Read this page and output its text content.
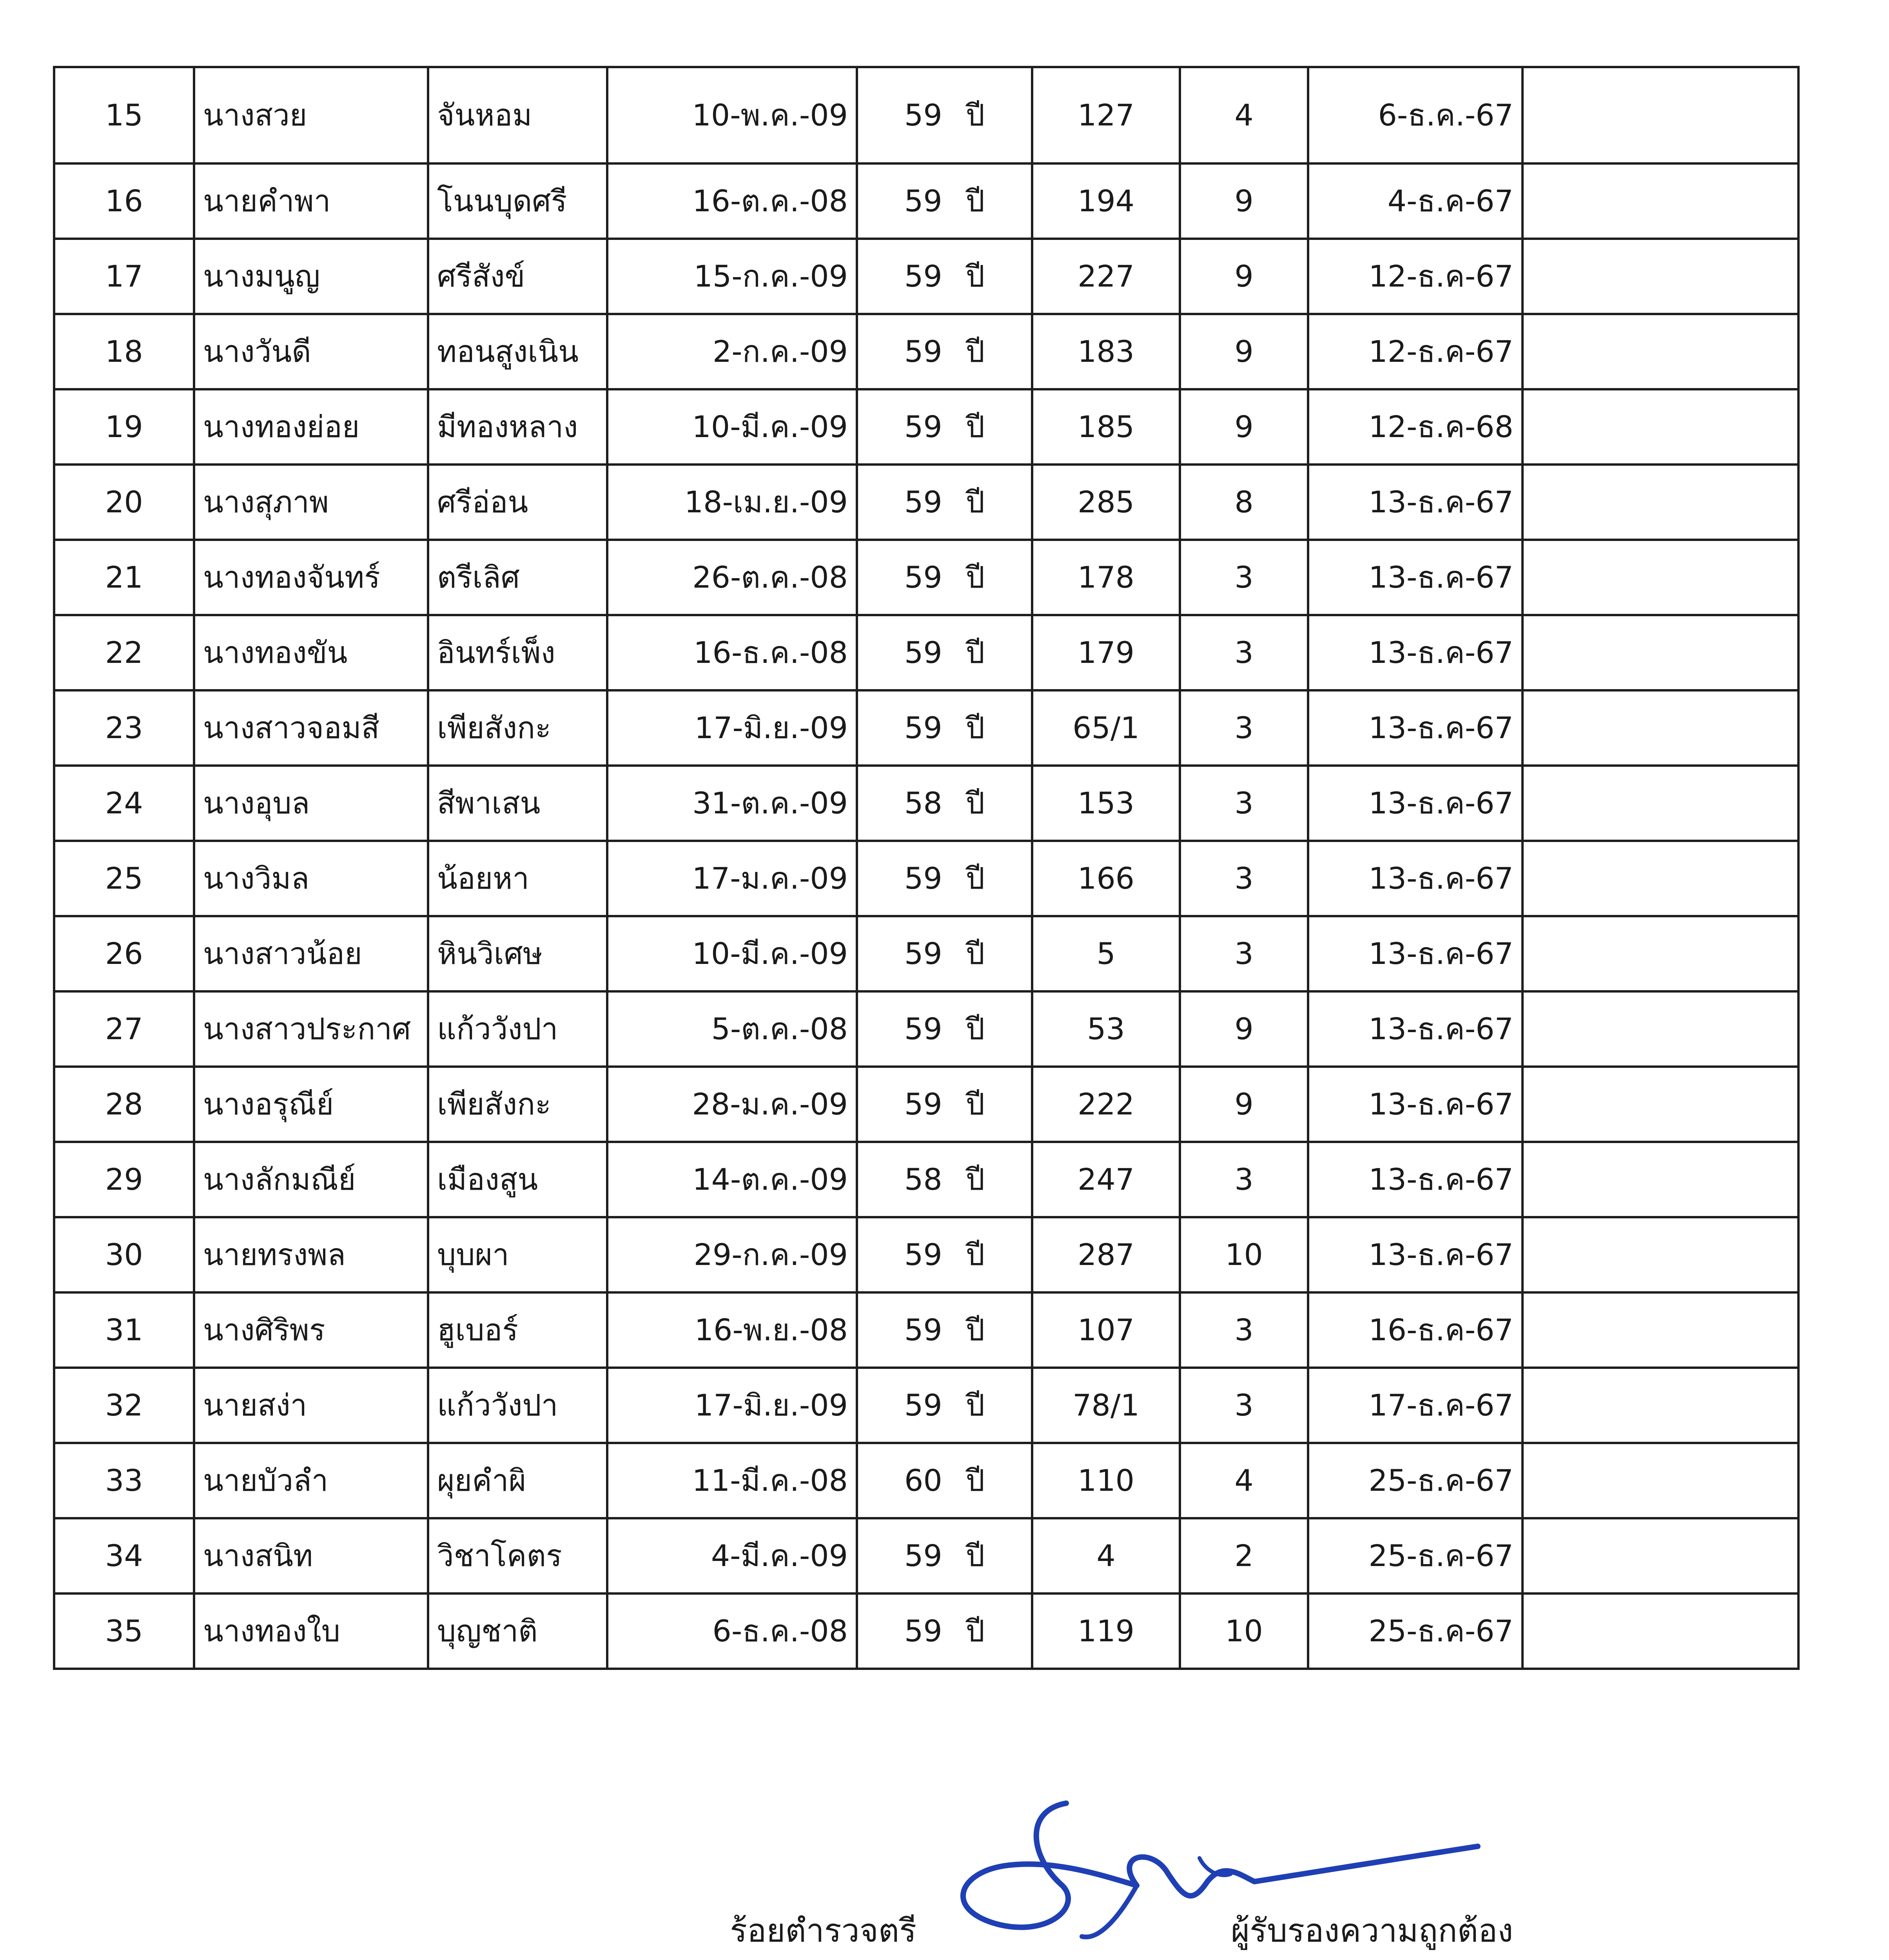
15	นางสวย	จันหอม	10-พ.ค.-09	59 ปี	127	4	6-ธ.ค.-67	
16	นายคำพา	โนนบุดศรี	16-ต.ค.-08	59 ปี	194	9	4-ธ.ค-67	
17	นางมนูญ	ศรีสังข์	15-ก.ค.-09	59 ปี	227	9	12-ธ.ค-67	
18	นางวันดี	ทอนสูงเนิน	2-ก.ค.-09	59 ปี	183	9	12-ธ.ค-67	
19	นางทองย่อย	มีทองหลาง	10-มี.ค.-09	59 ปี	185	9	12-ธ.ค-68	
20	นางสุภาพ	ศรีอ่อน	18-เม.ย.-09	59 ปี	285	8	13-ธ.ค-67	
21	นางทองจันทร์	ตรีเลิศ	26-ต.ค.-08	59 ปี	178	3	13-ธ.ค-67	
22	นางทองขัน	อินทร์เพ็ง	16-ธ.ค.-08	59 ปี	179	3	13-ธ.ค-67	
23	นางสาวจอมสี	เพียสังกะ	17-มิ.ย.-09	59 ปี	65/1	3	13-ธ.ค-67	
24	นางอุบล	สีพาเสน	31-ต.ค.-09	58 ปี	153	3	13-ธ.ค-67	
25	นางวิมล	น้อยหา	17-ม.ค.-09	59 ปี	166	3	13-ธ.ค-67	
26	นางสาวน้อย	หินวิเศษ	10-มี.ค.-09	59 ปี	5	3	13-ธ.ค-67	
27	นางสาวประกาศ	แก้ววังปา	5-ต.ค.-08	59 ปี	53	9	13-ธ.ค-67	
28	นางอรุณีย์	เพียสังกะ	28-ม.ค.-09	59 ปี	222	9	13-ธ.ค-67	
29	นางลักมณีย์	เมืองสูน	14-ต.ค.-09	58 ปี	247	3	13-ธ.ค-67	
30	นายทรงพล	บุบผา	29-ก.ค.-09	59 ปี	287	10	13-ธ.ค-67	
31	นางศิริพร	ฮูเบอร์	16-พ.ย.-08	59 ปี	107	3	16-ธ.ค-67	
32	นายสง่า	แก้ววังปา	17-มิ.ย.-09	59 ปี	78/1	3	17-ธ.ค-67	
33	นายบัวลำ	ผุยคำผิ	11-มี.ค.-08	60 ปี	110	4	25-ธ.ค-67	
34	นางสนิท	วิชาโคตร	4-มี.ค.-09	59 ปี	4	2	25-ธ.ค-67	
35	นางทองใบ	บุญชาติ	6-ธ.ค.-08	59 ปี	119	10	25-ธ.ค-67	
ร้อยตำรวจตรี	ผู้รับรองความถูกต้อง
